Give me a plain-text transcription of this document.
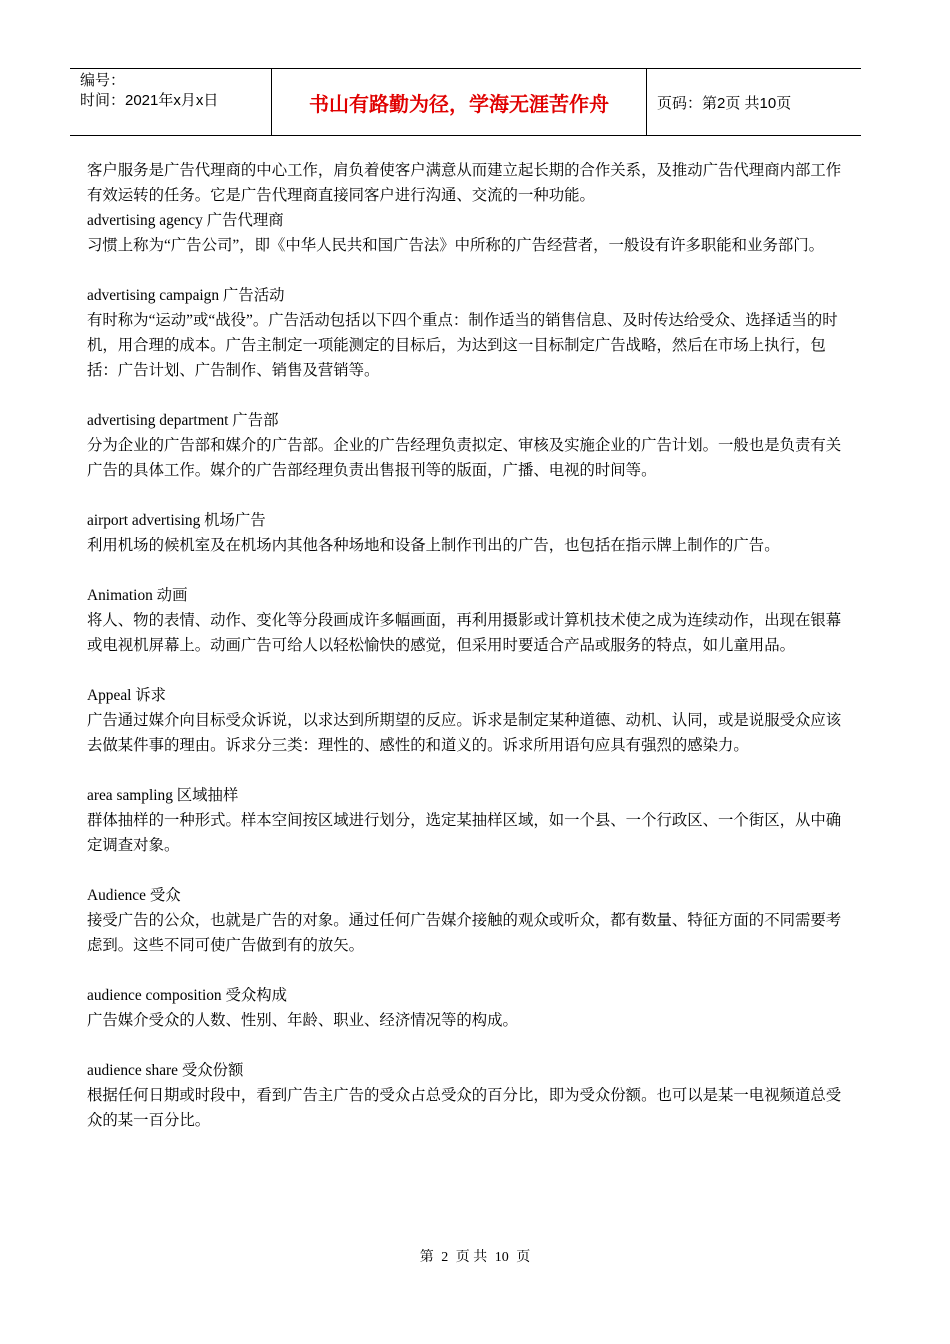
编号：
时间：2021年x月x日	书山有路勤为径，学海无涯苦作舟	页码：第2页 共10页

客户服务是广告代理商的中心工作，肩负着使客户满意从而建立起长期的合作关系，及推动广告代理商内部工作有效运转的任务。它是广告代理商直接同客户进行沟通、交流的一种功能。

advertising agency 广告代理商

习惯上称为“广告公司”，即《中华人民共和国广告法》中所称的广告经营者，一般设有许多职能和业务部门。

advertising campaign 广告活动

有时称为“运动”或“战役”。广告活动包括以下四个重点：制作适当的销售信息、及时传达给受众、选择适当的时机，用合理的成本。广告主制定一项能测定的目标后，为达到这一目标制定广告战略，然后在市场上执行，包括：广告计划、广告制作、销售及营销等。

advertising department 广告部

分为企业的广告部和媒介的广告部。企业的广告经理负责拟定、审核及实施企业的广告计划。一般也是负责有关广告的具体工作。媒介的广告部经理负责出售报刊等的版面，广播、电视的时间等。

airport advertising 机场广告

利用机场的候机室及在机场内其他各种场地和设备上制作刊出的广告，也包括在指示牌上制作的广告。

Animation 动画

将人、物的表情、动作、变化等分段画成许多幅画面，再利用摄影或计算机技术使之成为连续动作，出现在银幕或电视机屏幕上。动画广告可给人以轻松愉快的感觉，但采用时要适合产品或服务的特点，如儿童用品。

Appeal 诉求

广告通过媒介向目标受众诉说，以求达到所期望的反应。诉求是制定某种道德、动机、认同，或是说服受众应该去做某件事的理由。诉求分三类：理性的、感性的和道义的。诉求所用语句应具有强烈的感染力。

area sampling 区域抽样

群体抽样的一种形式。样本空间按区域进行划分，选定某抽样区域，如一个县、一个行政区、一个街区，从中确定调查对象。

Audience 受众

接受广告的公众，也就是广告的对象。通过任何广告媒介接触的观众或听众，都有数量、特征方面的不同需要考虑到。这些不同可使广告做到有的放矢。

audience composition 受众构成

广告媒介受众的人数、性别、年龄、职业、经济情况等的构成。

audience share 受众份额

根据任何日期或时段中，看到广告主广告的受众占总受众的百分比，即为受众份额。也可以是某一电视频道总受众的某一百分比。

第 2 页 共 10 页
